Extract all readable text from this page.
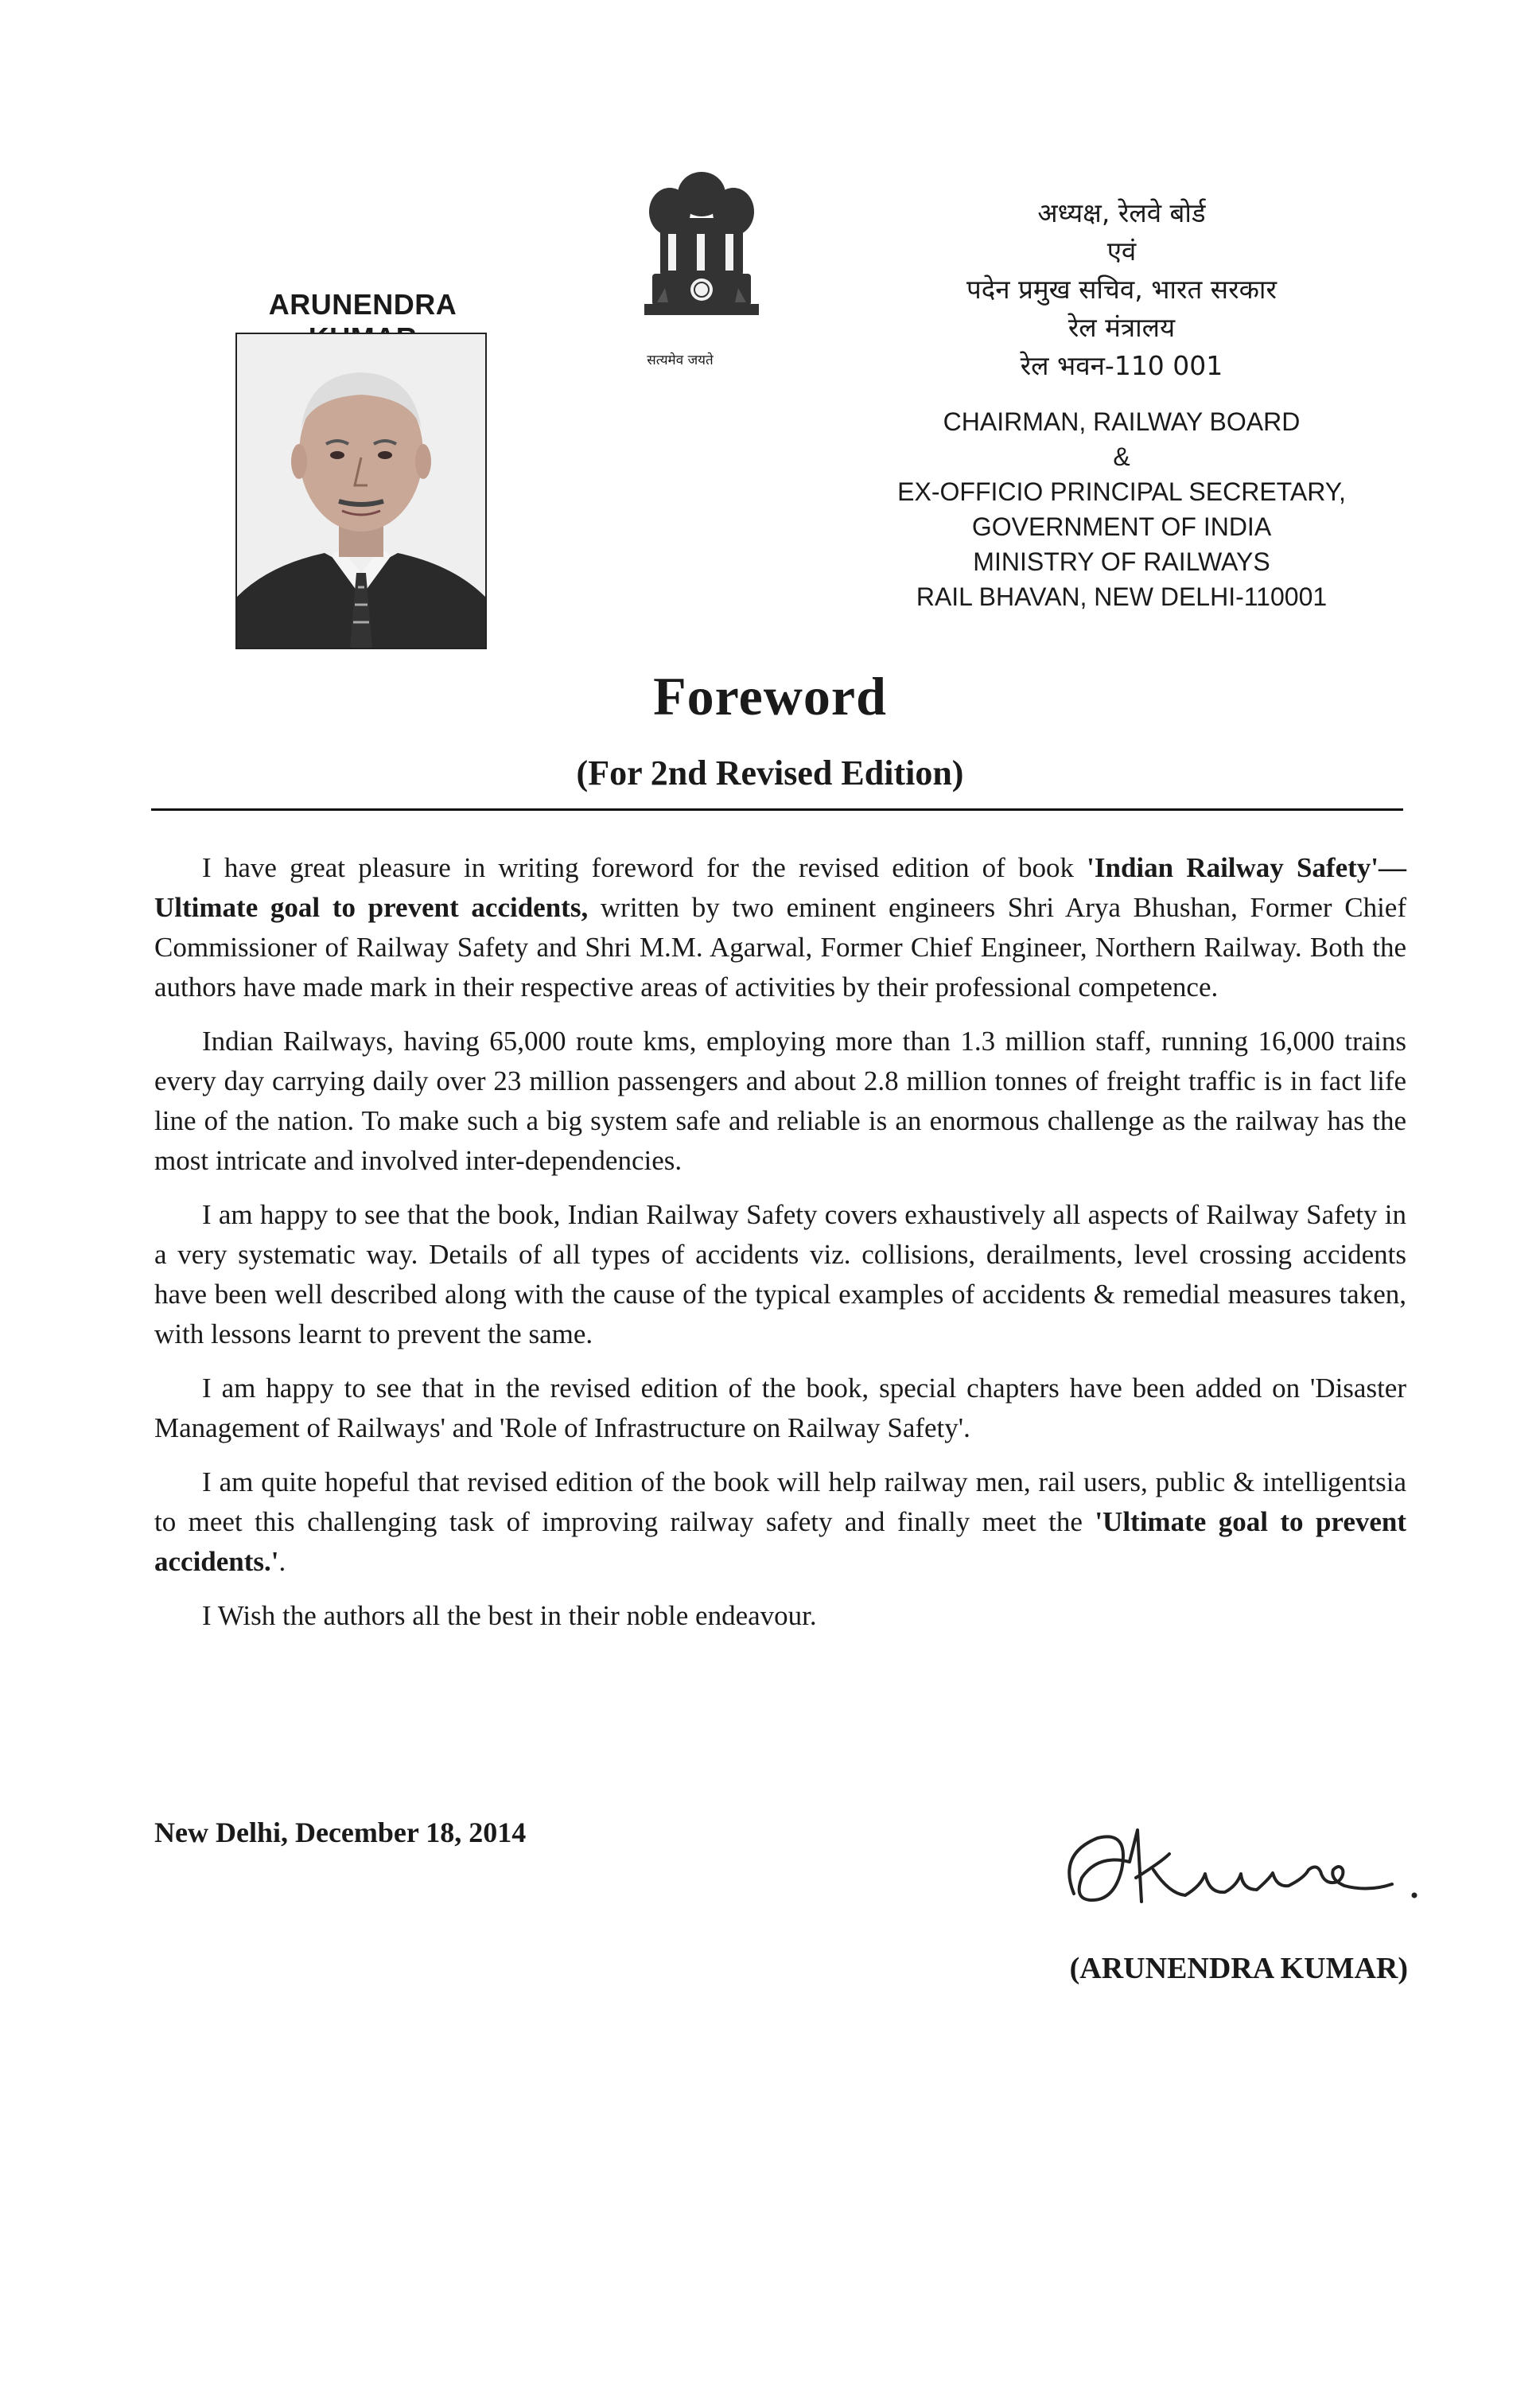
ARUNENDRA
सत्यमेव जयते
अध्यक्ष, रेलवे बोर्ड
एवं
पदेन प्रमुख सचिव, भारत सरकार
रेल मंत्रालय
रेल भवन-110 001
CHAIRMAN, RAILWAY BOARD
&
EX-OFFICIO PRINCIPAL SECRETARY,
GOVERNMENT OF INDIA
MINISTRY OF RAILWAYS
RAIL BHAVAN, NEW DELHI-110001
Foreword
(For 2nd Revised Edition)

I have great pleasure in writing foreword for the revised edition of book 'Indian Railway Safety'—Ultimate goal to prevent accidents, written by two eminent engineers Shri Arya Bhushan, Former Chief Commissioner of Railway Safety and Shri M.M. Agarwal, Former Chief Engineer, Northern Railway. Both the authors have made mark in their respective areas of activities by their professional competence.

Indian Railways, having 65,000 route kms, employing more than 1.3 million staff, running 16,000 trains every day carrying daily over 23 million passengers and about 2.8 million tonnes of freight traffic is in fact life line of the nation. To make such a big system safe and reliable is an enormous challenge as the railway has the most intricate and involved inter-dependencies.

I am happy to see that the book, Indian Railway Safety covers exhaustively all aspects of Railway Safety in a very systematic way. Details of all types of accidents viz. collisions, derailments, level crossing accidents have been well described along with the cause of the typical examples of accidents & remedial measures taken, with lessons learnt to prevent the same.

I am happy to see that in the revised edition of the book, special chapters have been added on 'Disaster Management of Railways' and 'Role of Infrastructure on Railway Safety'.

I am quite hopeful that revised edition of the book will help railway men, rail users, public & intelligentsia to meet this challenging task of improving railway safety and finally meet the 'Ultimate goal to prevent accidents.'.

I Wish the authors all the best in their noble endeavour.

New Delhi, December 18, 2014
(ARUNENDRA KUMAR)
